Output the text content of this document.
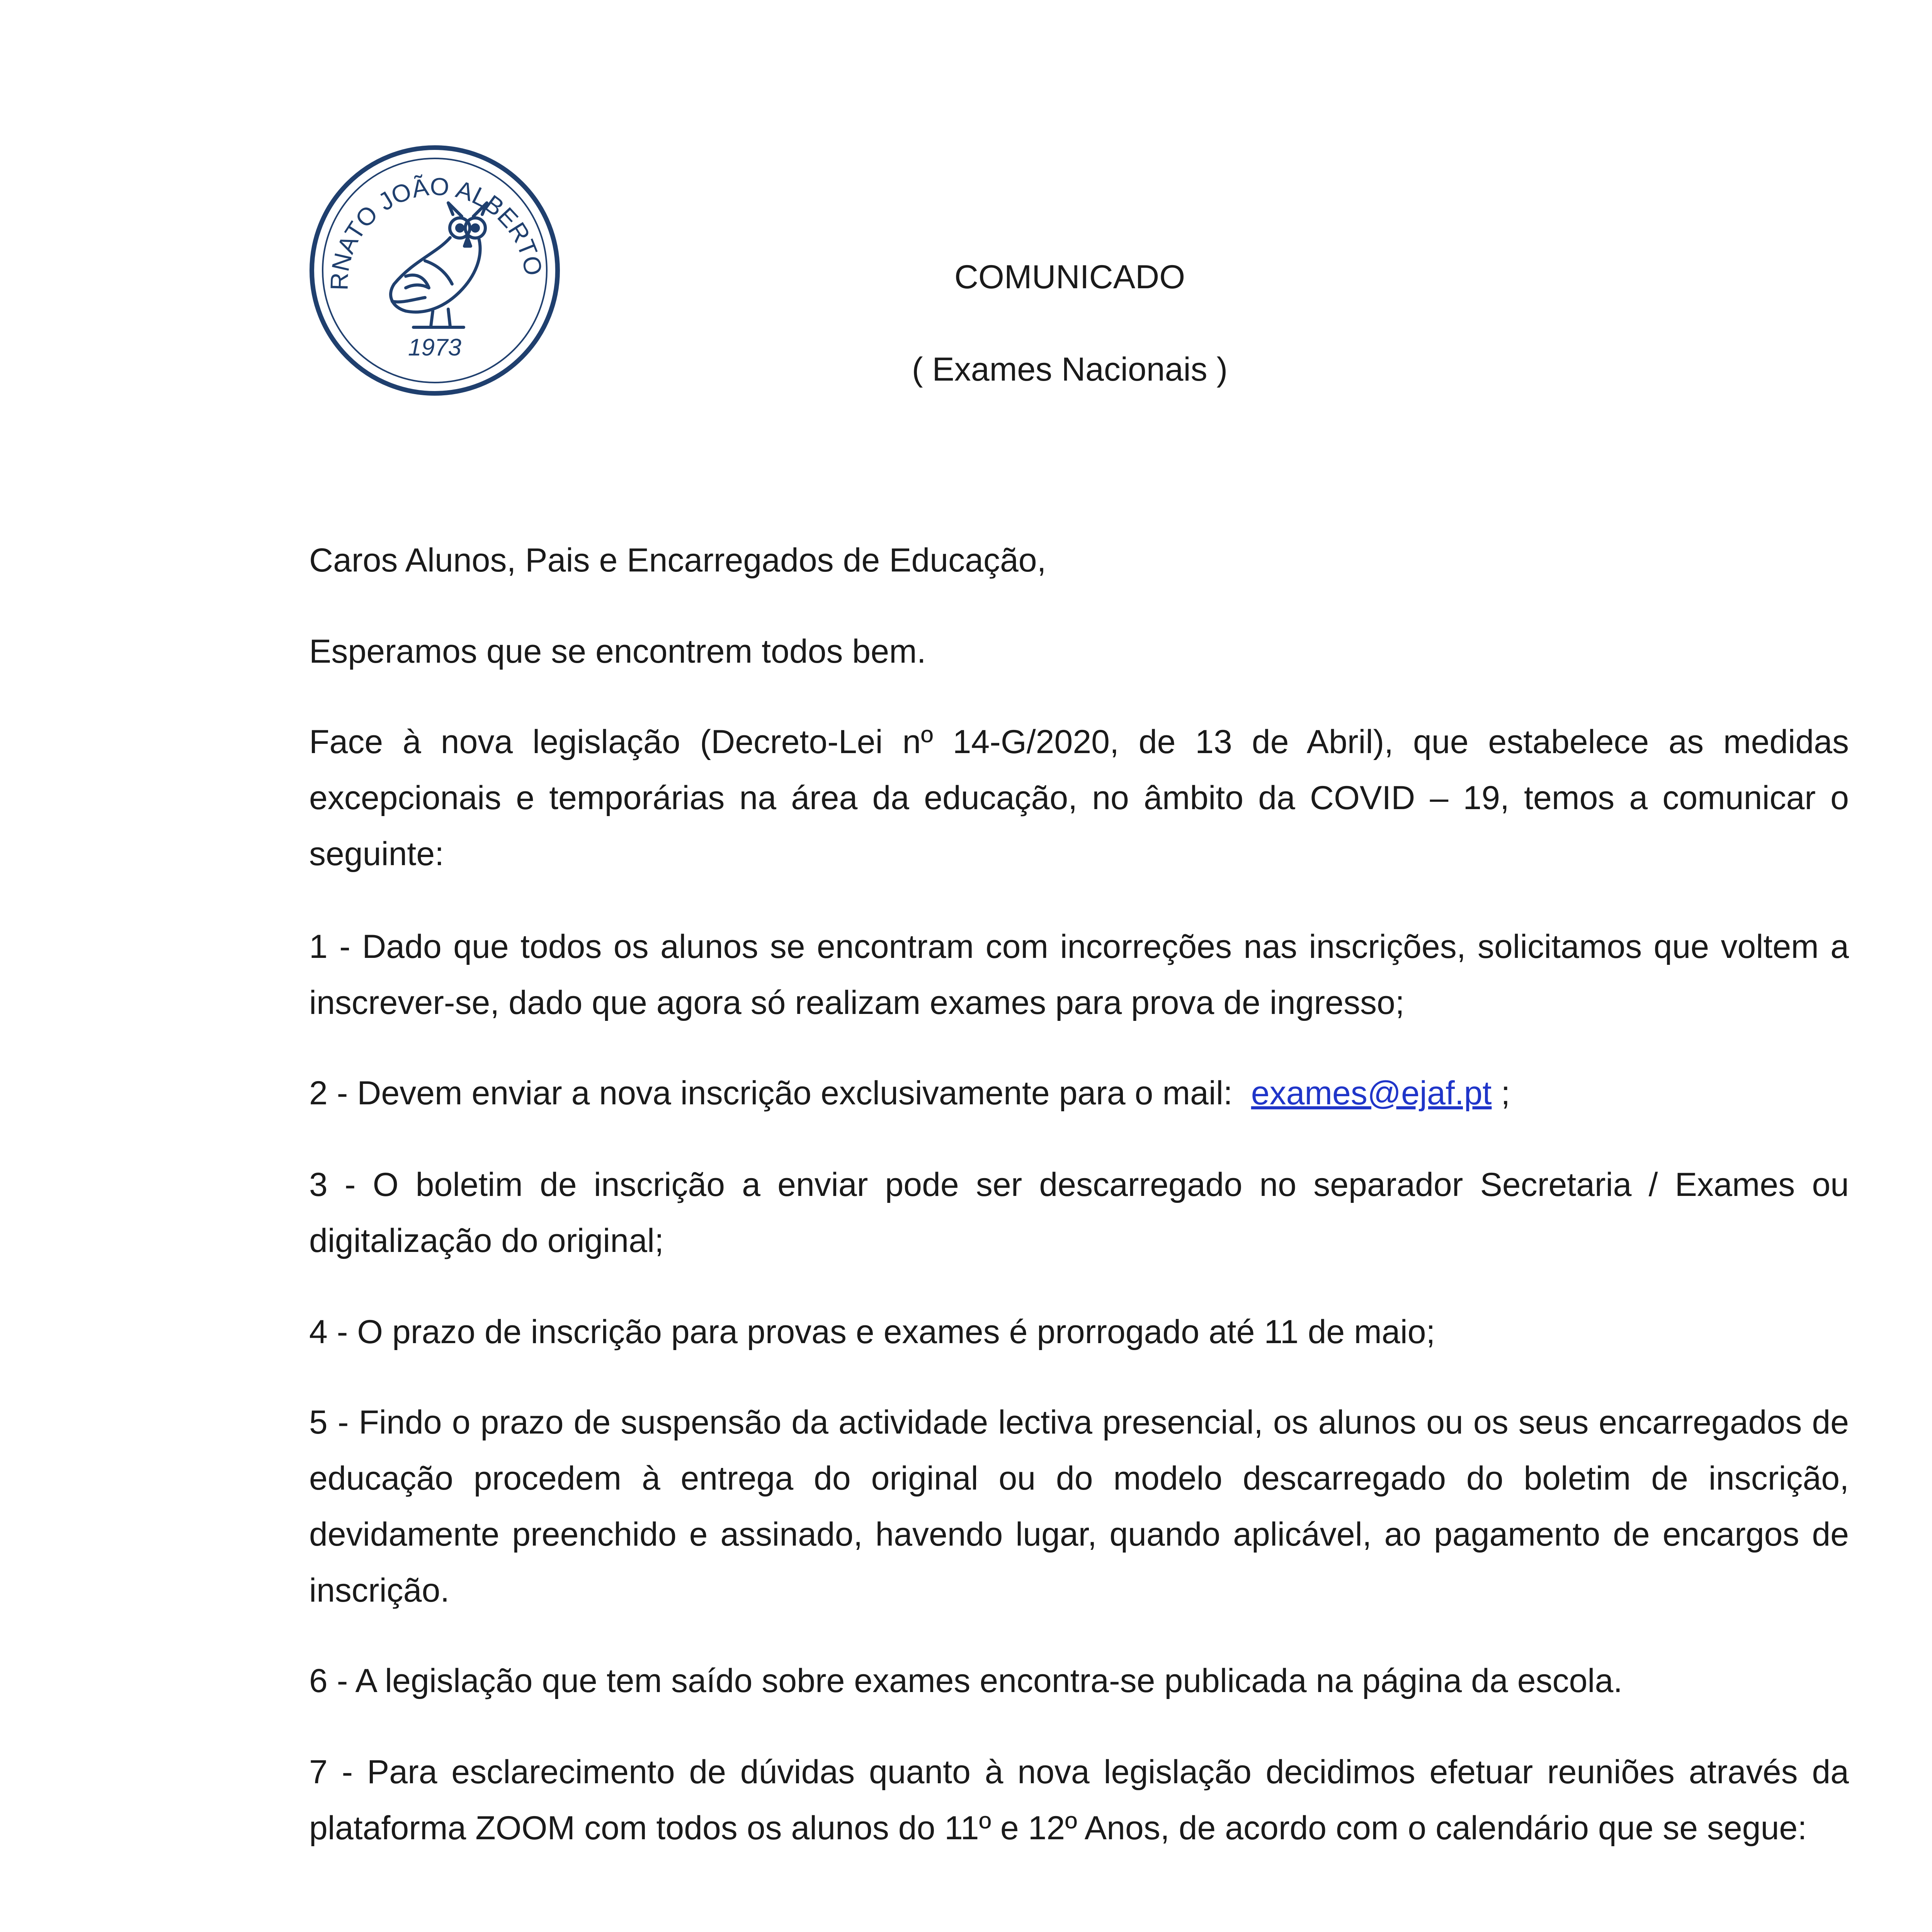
RNATO JOÃO ALBERTO
1973
COMUNICADO
( Exames Nacionais )

Caros Alunos, Pais e Encarregados de Educação,

Esperamos que se encontrem todos bem.

Face à nova legislação (Decreto-Lei nº 14-G/2020, de 13 de Abril), que estabelece as medidas excepcionais e temporárias na área da educação, no âmbito da COVID – 19, temos a comunicar o seguinte:

1 - Dado que todos os alunos se encontram com incorreções nas inscrições, solicitamos que voltem a inscrever-se, dado que agora só realizam exames para prova de ingresso;

2 - Devem enviar a nova inscrição exclusivamente para o mail: exames@ejaf.pt ;

3 - O boletim de inscrição a enviar pode ser descarregado no separador Secretaria / Exames ou digitalização do original;

4 - O prazo de inscrição para provas e exames é prorrogado até 11 de maio;

5 - Findo o prazo de suspensão da actividade lectiva presencial, os alunos ou os seus encarregados de educação procedem à entrega do original ou do modelo descarregado do boletim de inscrição, devidamente preenchido e assinado, havendo lugar, quando aplicável, ao pagamento de encargos de inscrição.

6 - A legislação que tem saído sobre exames encontra-se publicada na página da escola.

7 - Para esclarecimento de dúvidas quanto à nova legislação decidimos efetuar reuniões através da plataforma ZOOM com todos os alunos do 11º e 12º Anos, de acordo com o calendário que se segue:
